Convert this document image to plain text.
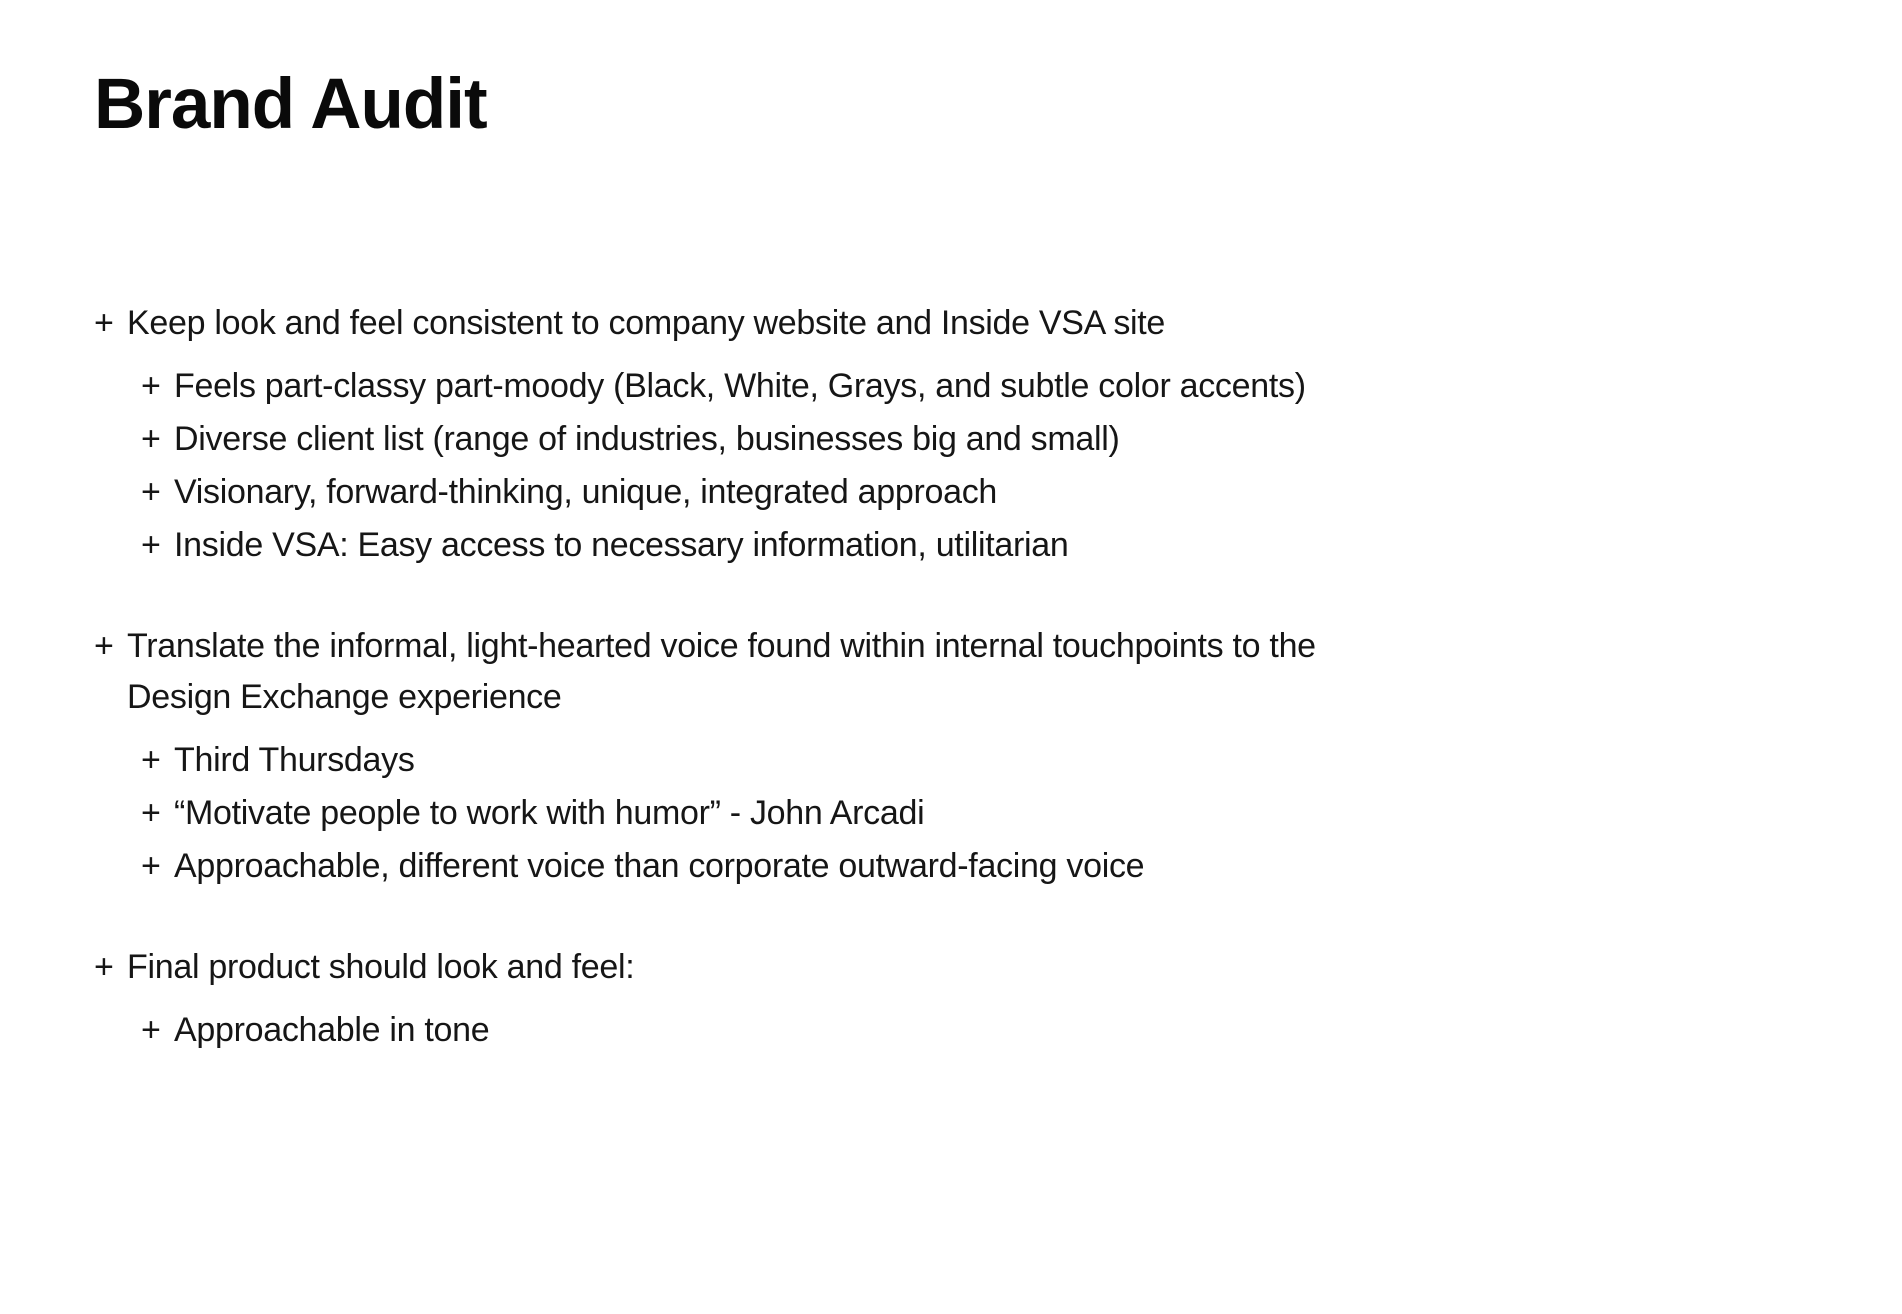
Brand Audit
+ Keep look and feel consistent to company website and Inside VSA site
+ Feels part-classy part-moody (Black, White, Grays, and subtle color accents)
+ Diverse client list (range of industries, businesses big and small)
+ Visionary, forward-thinking, unique, integrated approach
+ Inside VSA: Easy access to necessary information, utilitarian
+ Translate the informal, light-hearted voice found within internal touchpoints to the Design Exchange experience
+ Third Thursdays
+ “Motivate people to work with humor” - John Arcadi
+ Approachable, different voice than corporate outward-facing voice
+ Final product should look and feel:
+ Approachable in tone
